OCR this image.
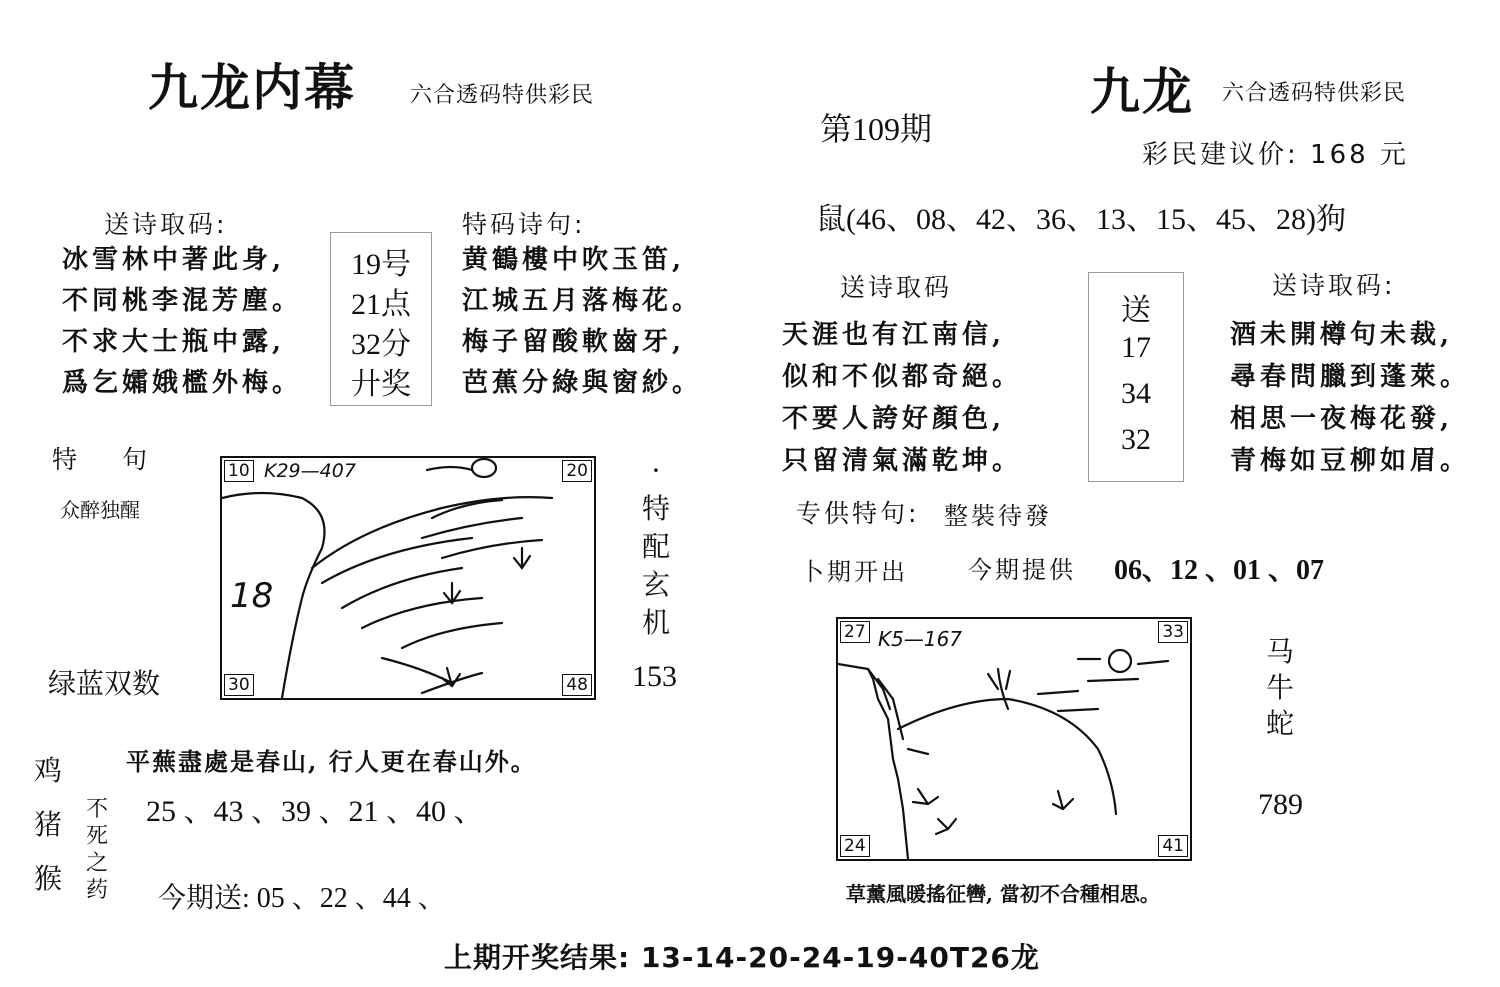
九龙内幕 六合透码特供彩民
送诗取码:
冰雪林中著此身,
不同桃李混芳塵。
不求大士瓶中露,
爲乞孀娥檻外梅。
19号
21点
32分
廾奖
特码诗句:
黄鶴樓中吹玉笛,
江城五月落梅花。
梅子留酸軟齒牙,
芭蕉分綠與窗紗。
特　句
众醉独醒
绿蓝双数
10	20
30	48
K29—407
18
·
特
配
玄
机
153
鸡
猪
猴
平蕪盡處是春山, 行人更在春山外。
不
死
之
药
25 、43 、39 、21 、40 、
今期送: 05 、22 、44 、
九龙 六合透码特供彩民
第109期
彩民建议价: 168 元
鼠(46、08、42、36、13、15、45、28)狗
送诗取码	送诗取码:
天涯也有江南信,
似和不似都奇絕。
不要人誇好顏色,
只留清氣滿乾坤。
送
17
34
32
酒未開樽句未裁,
尋春問臘到蓬萊。
相思一夜梅花發,
青梅如豆柳如眉。
专供特句: 整裝待發
卜期开出	今期提供 06、12 、01 、07
27	33
24	41
K5—167	马
牛
蛇
789
草薰風暖搖征轡, 當初不合種相思。
上期开奖结果: 13-14-20-24-19-40T26龙
